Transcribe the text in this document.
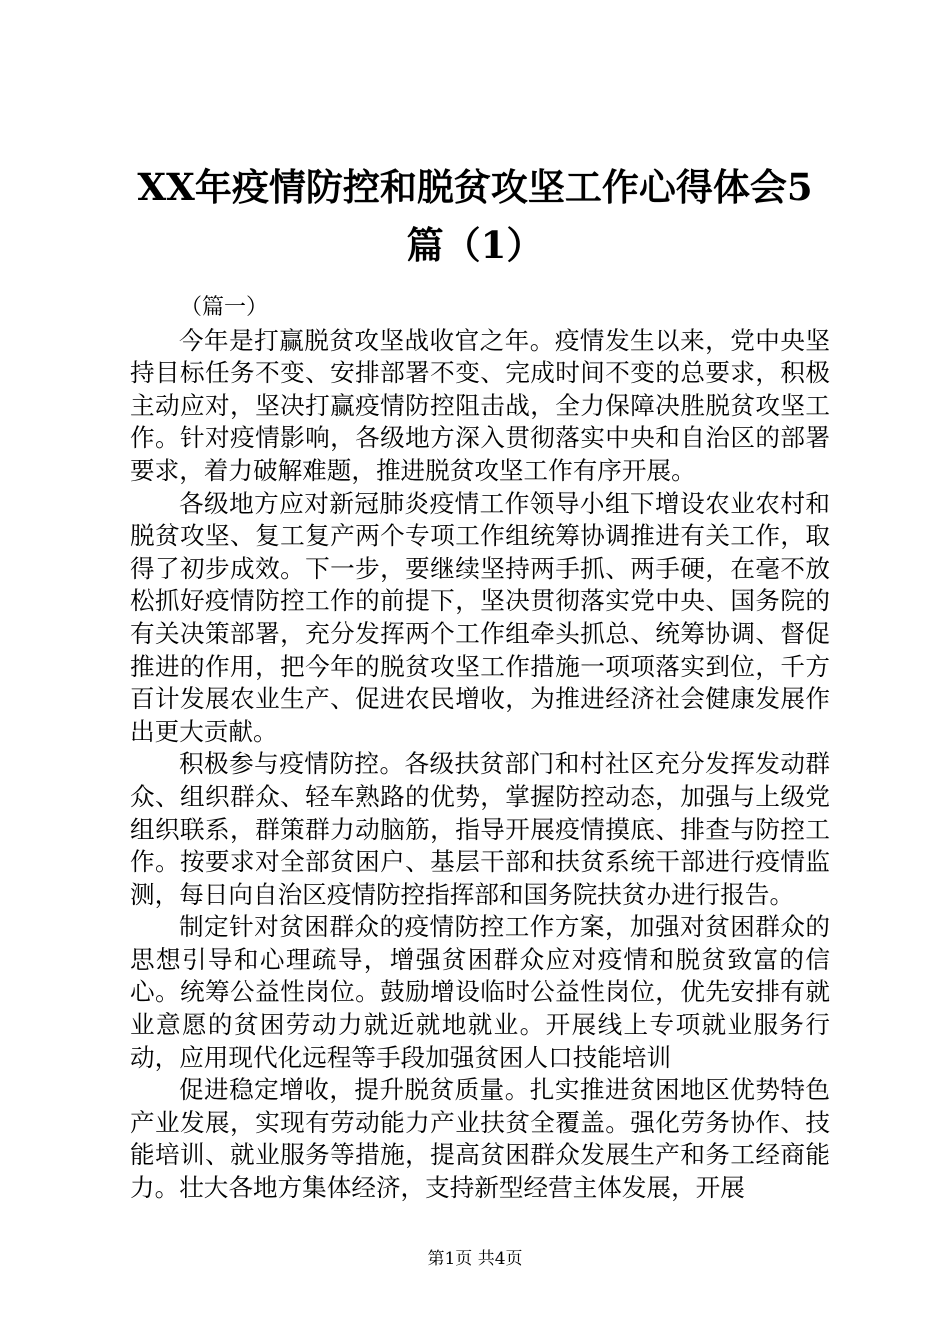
XX年疫情防控和脱贫攻坚工作心得体会5篇（1）

（篇一）

今年是打赢脱贫攻坚战收官之年。疫情发生以来，党中央坚持目标任务不变、安排部署不变、完成时间不变的总要求，积极主动应对，坚决打赢疫情防控阻击战，全力保障决胜脱贫攻坚工作。针对疫情影响，各级地方深入贯彻落实中央和自治区的部署要求，着力破解难题，推进脱贫攻坚工作有序开展。

各级地方应对新冠肺炎疫情工作领导小组下增设农业农村和脱贫攻坚、复工复产两个专项工作组统筹协调推进有关工作，取得了初步成效。下一步，要继续坚持两手抓、两手硬，在毫不放松抓好疫情防控工作的前提下，坚决贯彻落实党中央、国务院的有关决策部署，充分发挥两个工作组牵头抓总、统筹协调、督促推进的作用，把今年的脱贫攻坚工作措施一项项落实到位，千方百计发展农业生产、促进农民增收，为推进经济社会健康发展作出更大贡献。

积极参与疫情防控。各级扶贫部门和村社区充分发挥发动群众、组织群众、轻车熟路的优势，掌握防控动态，加强与上级党组织联系，群策群力动脑筋，指导开展疫情摸底、排查与防控工作。按要求对全部贫困户、基层干部和扶贫系统干部进行疫情监测，每日向自治区疫情防控指挥部和国务院扶贫办进行报告。

制定针对贫困群众的疫情防控工作方案，加强对贫困群众的思想引导和心理疏导，增强贫困群众应对疫情和脱贫致富的信心。统筹公益性岗位。鼓励增设临时公益性岗位，优先安排有就业意愿的贫困劳动力就近就地就业。开展线上专项就业服务行动，应用现代化远程等手段加强贫困人口技能培训

促进稳定增收，提升脱贫质量。扎实推进贫困地区优势特色产业发展，实现有劳动能力产业扶贫全覆盖。强化劳务协作、技能培训、就业服务等措施，提高贫困群众发展生产和务工经商能力。壮大各地方集体经济，支持新型经营主体发展，开展

第1页 共4页
